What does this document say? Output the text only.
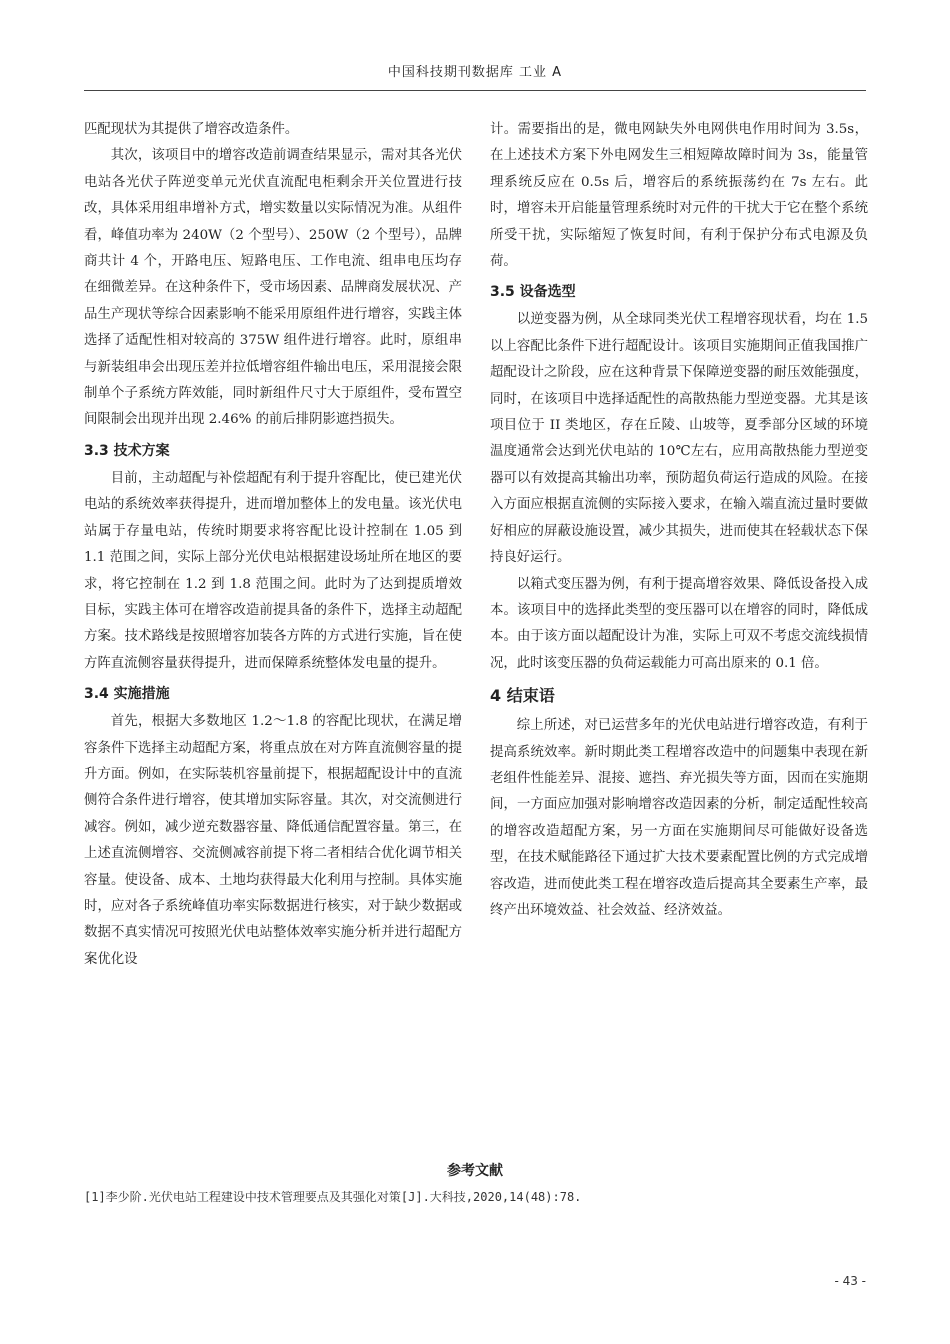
中国科技期刊数据库 工业 A

匹配现状为其提供了增容改造条件。

其次，该项目中的增容改造前调查结果显示，需对其各光伏电站各光伏子阵逆变单元光伏直流配电柜剩余开关位置进行技改，具体采用组串增补方式，增实数量以实际情况为准。从组件看，峰值功率为 240W（2 个型号）、250W（2 个型号），品牌商共计 4 个，开路电压、短路电压、工作电流、组串电压均存在细微差异。在这种条件下，受市场因素、品牌商发展状况、产品生产现状等综合因素影响不能采用原组件进行增容，实践主体选择了适配性相对较高的 375W 组件进行增容。此时，原组串与新装组串会出现压差并拉低增容组件输出电压，采用混接会限制单个子系统方阵效能，同时新组件尺寸大于原组件，受布置空间限制会出现并出现 2.46% 的前后排阴影遮挡损失。

3.3 技术方案

目前，主动超配与补偿超配有利于提升容配比，使已建光伏电站的系统效率获得提升，进而增加整体上的发电量。该光伏电站属于存量电站，传统时期要求将容配比设计控制在 1.05 到 1.1 范围之间，实际上部分光伏电站根据建设场址所在地区的要求，将它控制在 1.2 到 1.8 范围之间。此时为了达到提质增效目标，实践主体可在增容改造前提具备的条件下，选择主动超配方案。技术路线是按照增容加装各方阵的方式进行实施，旨在使方阵直流侧容量获得提升，进而保障系统整体发电量的提升。

3.4 实施措施

首先，根据大多数地区 1.2～1.8 的容配比现状，在满足增容条件下选择主动超配方案，将重点放在对方阵直流侧容量的提升方面。例如，在实际装机容量前提下，根据超配设计中的直流侧符合条件进行增容，使其增加实际容量。其次，对交流侧进行减容。例如，减少逆充数器容量、降低通信配置容量。第三，在上述直流侧增容、交流侧减容前提下将二者相结合优化调节相关容量。使设备、成本、土地均获得最大化利用与控制。具体实施时，应对各子系统峰值功率实际数据进行核实，对于缺少数据或数据不真实情况可按照光伏电站整体效率实施分析并进行超配方案优化设

计。需要指出的是，微电网缺失外电网供电作用时间为 3.5s，在上述技术方案下外电网发生三相短障故障时间为 3s，能量管理系统反应在 0.5s 后，增容后的系统振荡约在 7s 左右。此时，增容未开启能量管理系统时对元件的干扰大于它在整个系统所受干扰，实际缩短了恢复时间，有利于保护分布式电源及负荷。

3.5 设备选型

以逆变器为例，从全球同类光伏工程增容现状看，均在 1.5 以上容配比条件下进行超配设计。该项目实施期间正值我国推广超配设计之阶段，应在这种背景下保障逆变器的耐压效能强度，同时，在该项目中选择适配性的高散热能力型逆变器。尤其是该项目位于 II 类地区，存在丘陵、山坡等，夏季部分区域的环境温度通常会达到光伏电站的 10℃左右，应用高散热能力型逆变器可以有效提高其输出功率，预防超负荷运行造成的风险。在接入方面应根据直流侧的实际接入要求，在输入端直流过量时要做好相应的屏蔽设施设置，减少其损失，进而使其在轻载状态下保持良好运行。

以箱式变压器为例，有利于提高增容效果、降低设备投入成本。该项目中的选择此类型的变压器可以在增容的同时，降低成本。由于该方面以超配设计为准，实际上可双不考虑交流线损情况，此时该变压器的负荷运载能力可高出原来的 0.1 倍。

4 结束语

综上所述，对已运营多年的光伏电站进行增容改造，有利于提高系统效率。新时期此类工程增容改造中的问题集中表现在新老组件性能差异、混接、遮挡、弃光损失等方面，因而在实施期间，一方面应加强对影响增容改造因素的分析，制定适配性较高的增容改造超配方案，另一方面在实施期间尽可能做好设备选型，在技术赋能路径下通过扩大技术要素配置比例的方式完成增容改造，进而使此类工程在增容改造后提高其全要素生产率，最终产出环境效益、社会效益、经济效益。

参考文献
[1]李少阶.光伏电站工程建设中技术管理要点及其强化对策[J].大科技,2020,14(48):78.
- 43 -
